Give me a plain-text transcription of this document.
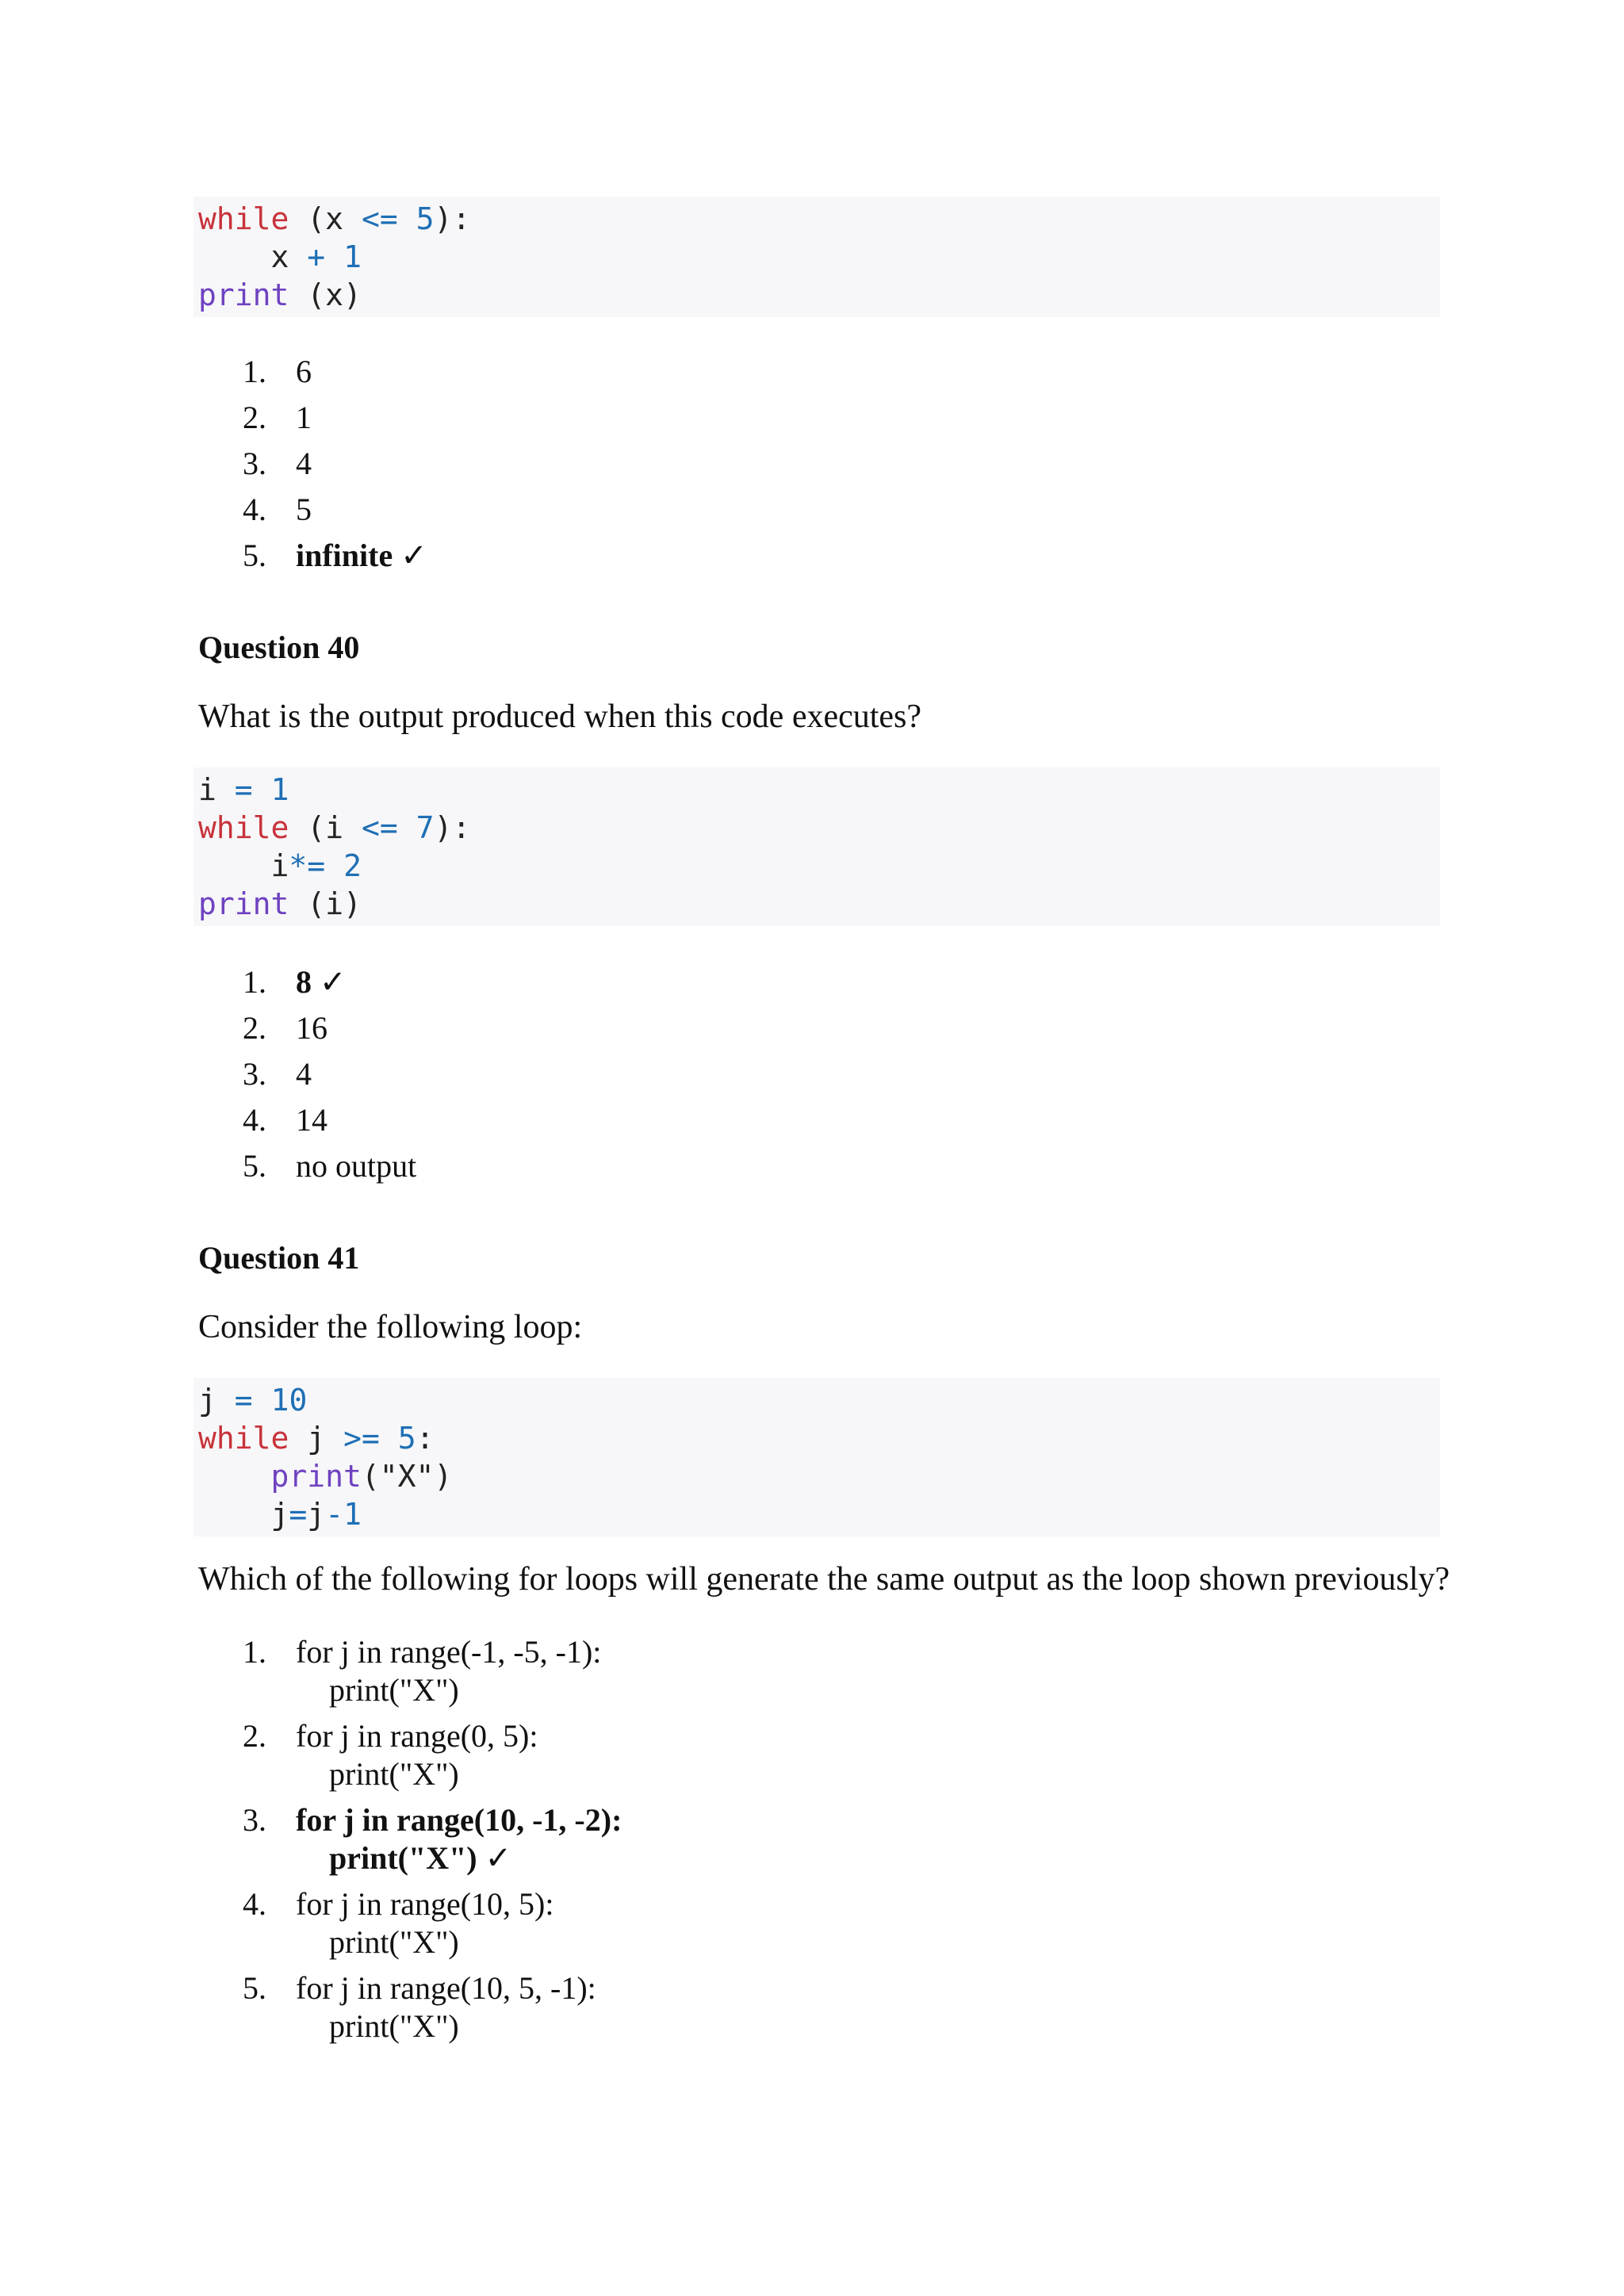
while (x <= 5):
x + 1
print (x)
1. 6
2. 1
3. 4
4. 5
5. infinite ✓
Question 40
What is the output produced when this code executes?
i = 1
while (i <= 7):
i*= 2
print (i)
1. 8 ✓
2. 16
3. 4
4. 14
5. no output
Question 41
Consider the following loop:
j = 10
while j >= 5:
print("X")
j=j-1
Which of the following for loops will generate the same output as the loop shown previously?
1. for j in range(-1, -5, -1):
print("X")
2. for j in range(0, 5):
print("X")
3. for j in range(10, -1, -2):
print("X") ✓
4. for j in range(10, 5):
print("X")
5. for j in range(10, 5, -1):
print("X")
